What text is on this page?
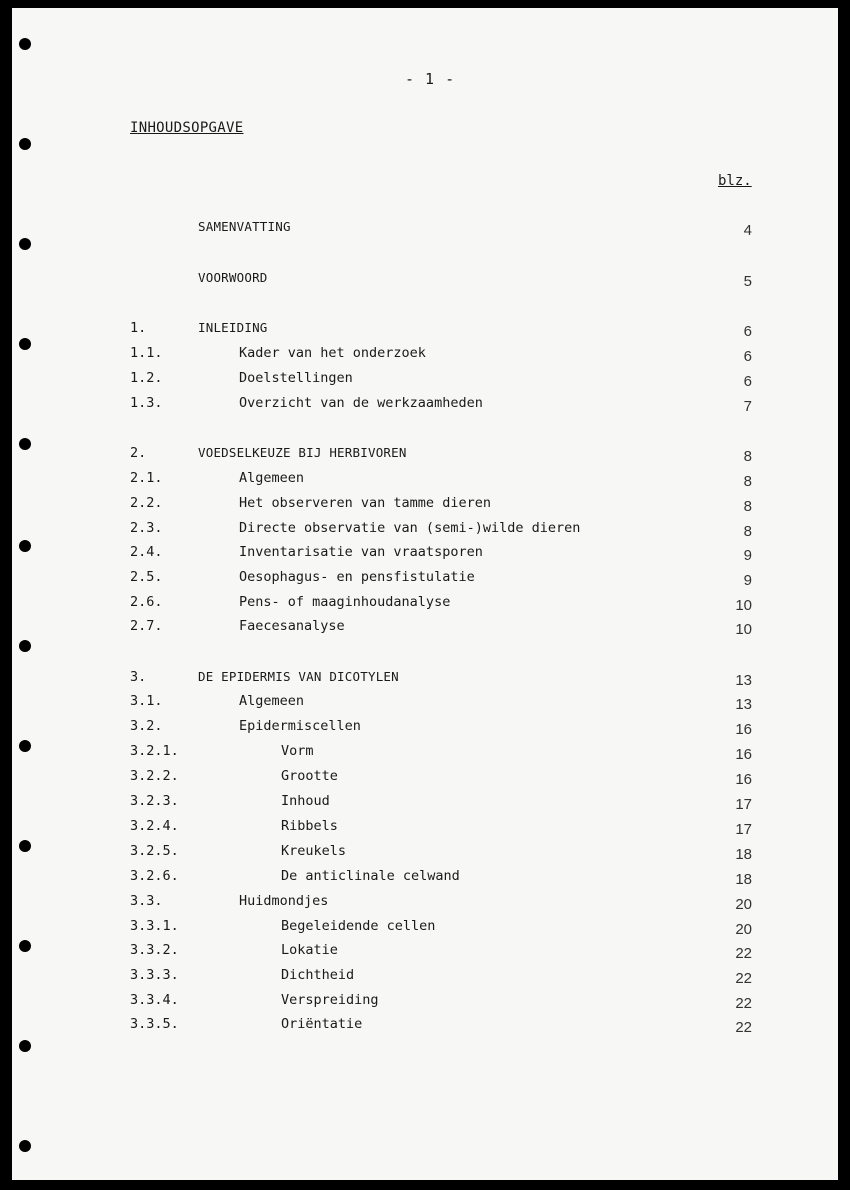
- 1 -
INHOUDSOPGAVE
blz.
SAMENVATTING	4
VOORWOORD	5
1.	INLEIDING	6
1.1.	Kader van het onderzoek	6
1.2.	Doelstellingen	6
1.3.	Overzicht van de werkzaamheden	7
2.	VOEDSELKEUZE BIJ HERBIVOREN	8
2.1.	Algemeen	8
2.2.	Het observeren van tamme dieren	8
2.3.	Directe observatie van (semi-)wilde dieren	8
2.4.	Inventarisatie van vraatsporen	9
2.5.	Oesophagus- en pensfistulatie	9
2.6.	Pens- of maaginhoudanalyse	10
2.7.	Faecesanalyse	10
3.	DE EPIDERMIS VAN DICOTYLEN	13
3.1.	Algemeen	13
3.2.	Epidermiscellen	16
3.2.1.	Vorm	16
3.2.2.	Grootte	16
3.2.3.	Inhoud	17
3.2.4.	Ribbels	17
3.2.5.	Kreukels	18
3.2.6.	De anticlinale celwand	18
3.3.	Huidmondjes	20
3.3.1.	Begeleidende cellen	20
3.3.2.	Lokatie	22
3.3.3.	Dichtheid	22
3.3.4.	Verspreiding	22
3.3.5.	Oriëntatie	22
